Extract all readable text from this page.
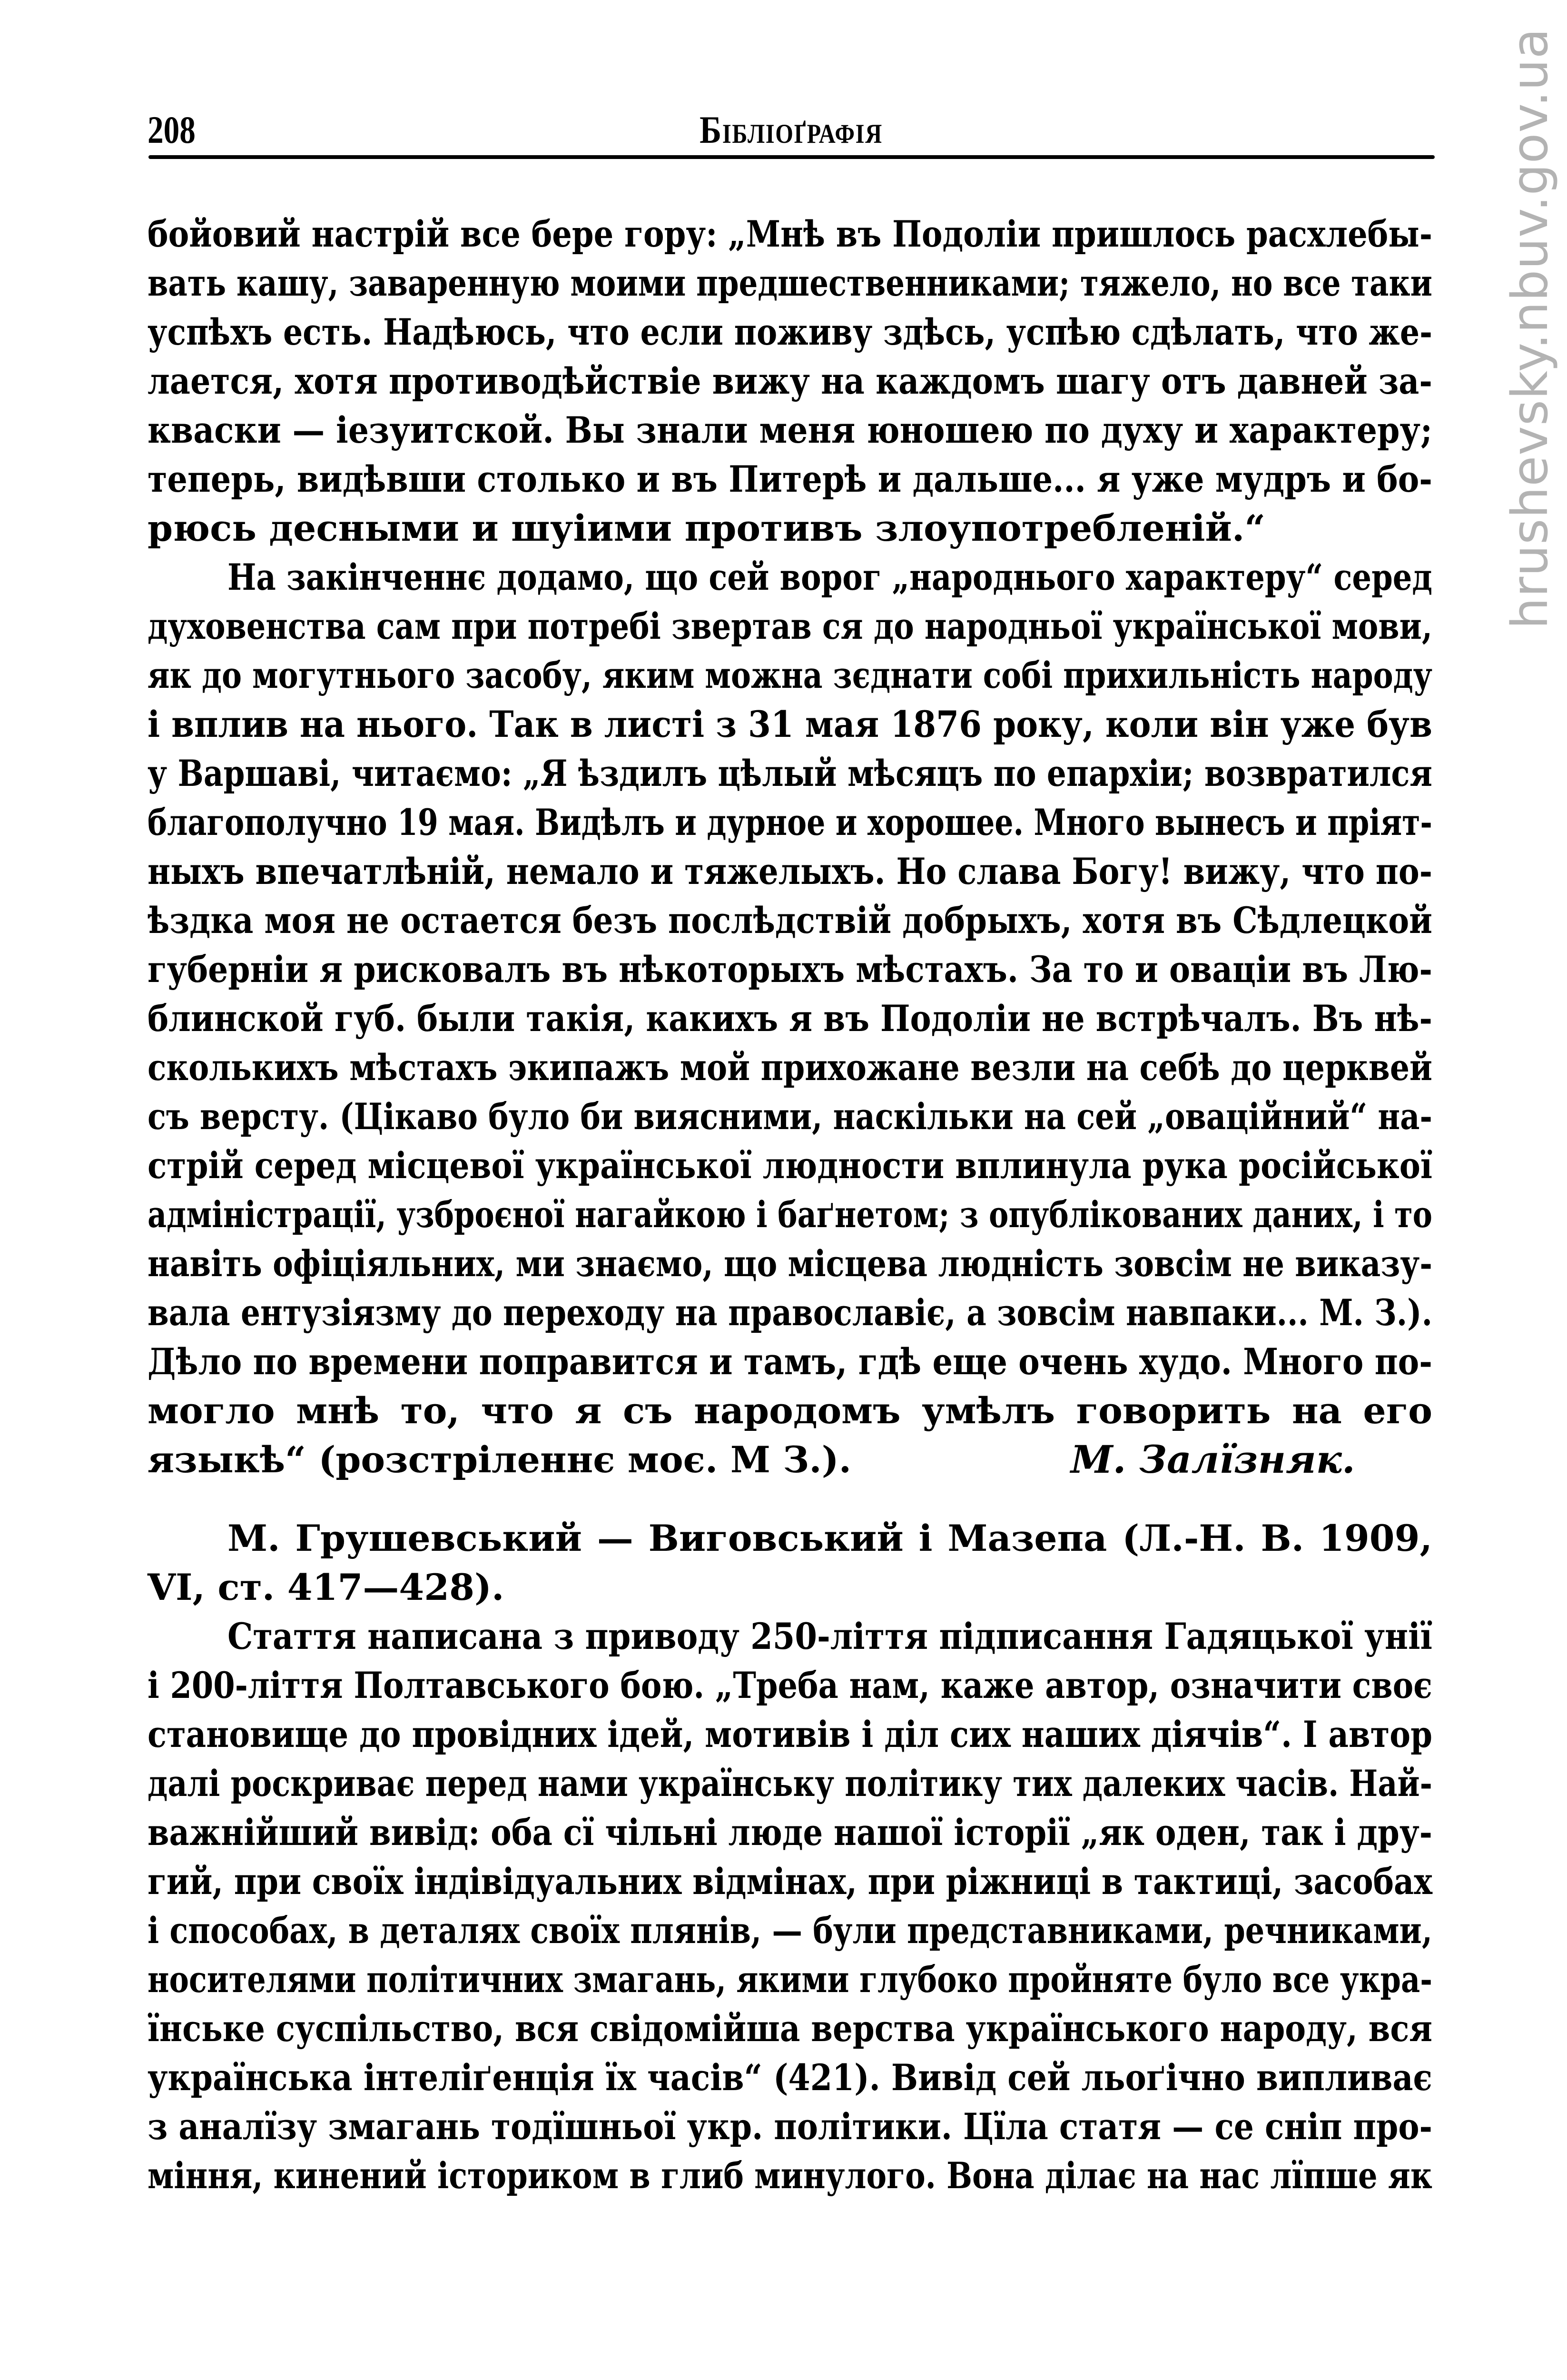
hrushevsky.nbuv.gov.ua
208	Бібліоґрафія
бойовий настрій все бере гору: „Мнѣ въ Подоліи пришлось расхлебы-
вать кашу, заваренную моими предшественниками; тяжело, но все таки
успѣхъ есть. Надѣюсь, что если поживу здѣсь, успѣю сдѣлать, что же-
лается, хотя противодѣйствіе вижу на каждомъ шагу отъ давней за-
кваски — іезуитской. Вы знали меня юношею по духу и характеру;
теперь, видѣвши столько и въ Питерѣ и дальше... я уже мудръ и бо-
рюсь десными и шуіими противъ злоупотребленій.“
На закінченнє додамо, що сей ворог „народнього характеру“ серед
духовенства сам при потребі звертав ся до народньої української мови,
як до могутнього засобу, яким можна зєднати собі прихильність народу
і вплив на нього. Так в листі з 31 мая 1876 року, коли він уже був
у Варшаві, читаємо: „Я ѣздилъ цѣлый мѣсяцъ по епархіи; возвратился
благополучно 19 мая. Видѣлъ и дурное и хорошее. Много вынесъ и пріят-
ныхъ впечатлѣній, немало и тяжелыхъ. Но слава Богу! вижу, что по-
ѣздка моя не остается безъ послѣдствій добрыхъ, хотя въ Сѣдлецкой
губерніи я рисковалъ въ нѣкоторыхъ мѣстахъ. За то и оваціи въ Лю-
блинской губ. были такія, какихъ я въ Подоліи не встрѣчалъ. Въ нѣ-
сколькихъ мѣстахъ экипажъ мой прихожане везли на себѣ до церквей
съ версту. (Цікаво було би виясними, наскільки на сей „оваційний“ на-
стрій серед місцевої української людности вплинула рука російської
адміністрації, узброєної нагайкою і баґнетом; з опублікованих даних, і то
навіть офіціяльних, ми знаємо, що місцева людність зовсім не виказу-
вала ентузіязму до переходу на православіє, а зовсім навпаки... М. З.).
Дѣло по времени поправится и тамъ, гдѣ еще очень худо. Много по-
могло мнѣ то, что я съ народомъ умѣлъ говорить на его
языкѣ“ (розстріленнє моє. М З.).	М. Залїзняк.
М. Грушевський — Виговський і Мазепа (Л.-Н. В. 1909,
VI, ст. 417—428).
Стаття написана з приводу 250-ліття підписання Гадяцької унії
і 200-ліття Полтавського бою. „Треба нам, каже автор, означити своє
становище до провідних ідей, мотивів і діл сих наших діячів“. І автор
далі роскриває перед нами українську політику тих далеких часів. Най-
важнійший вивід: оба сї чільні люде нашої історії „як оден, так і дру-
гий, при своїх індівідуальних відмінах, при ріжниці в тактиці, засобах
і способах, в деталях своїх плянів, — були представниками, речниками,
носителями політичних змагань, якими глубоко пройняте було все укра-
їнське суспільство, вся свідомійша верства українського народу, вся
українська інтеліґенція їх часів“ (421). Вивід сей льоґічно випливає
з аналїзу змагань тодїшньої укр. політики. Цїла статя — се сніп про-
міння, кинений істориком в глиб минулого. Вона ділає на нас лїпше як
